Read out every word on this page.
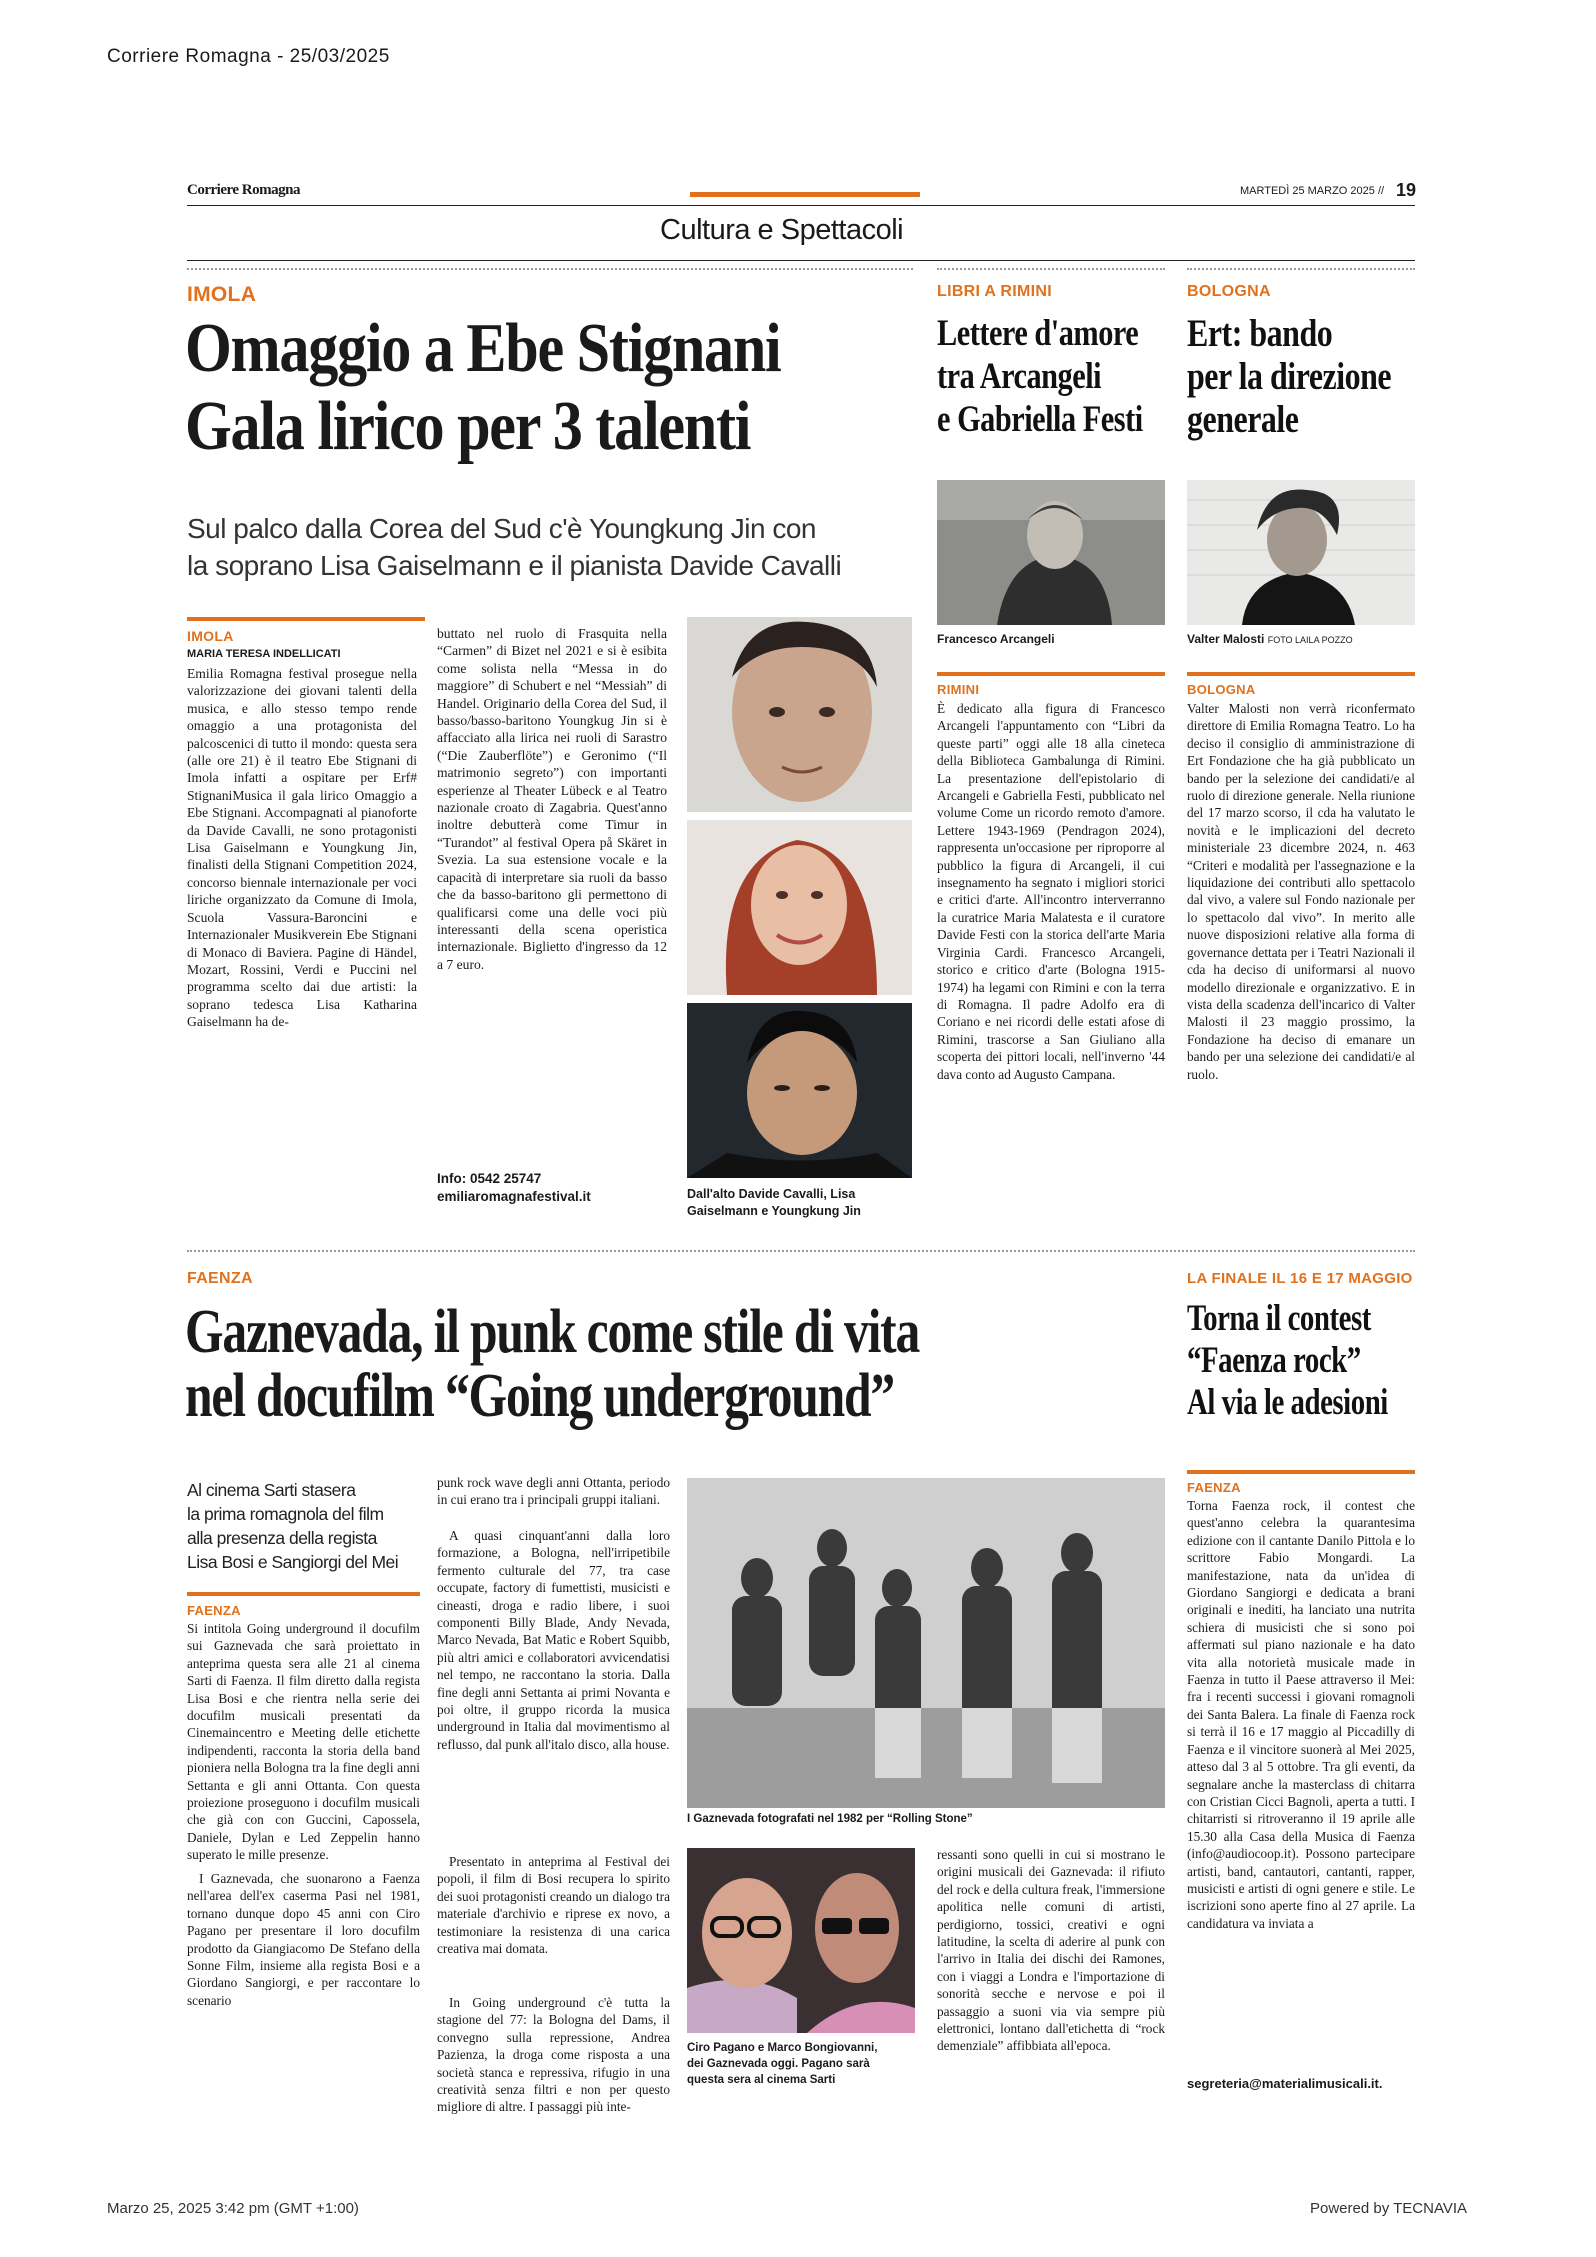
Corriere Romagna - 25/03/2025
Corriere Romagna	MARTEDÌ 25 MARZO 2025 // 19
Cultura e Spettacoli
IMOLA
Omaggio a Ebe Stignani
Gala lirico per 3 talenti
Sul palco dalla Corea del Sud c'è Youngkung Jin con
la soprano Lisa Gaiselmann e il pianista Davide Cavalli
IMOLA
MARIA TERESA INDELLICATI

Emilia Romagna festival prosegue nella valorizzazione dei giovani talenti della musica, e allo stesso tempo rende omaggio a una protagonista del palcoscenici di tutto il mondo: questa sera (alle ore 21) è il teatro Ebe Stignani di Imola infatti a ospitare per Erf# StignaniMusica il gala lirico Omaggio a Ebe Stignani. Accompagnati al pianoforte da Davide Cavalli, ne sono protagonisti Lisa Gaiselmann e Youngkung Jin, finalisti della Stignani Competition 2024, concorso biennale internazionale per voci liriche organizzato da Comune di Imola, Scuola Vassura-Baroncini e Internazionaler Musikverein Ebe Stignani di Monaco di Baviera. Pagine di Händel, Mozart, Rossini, Verdi e Puccini nel programma scelto dai due artisti: la soprano tedesca Lisa Katharina Gaiselmann ha de-

buttato nel ruolo di Frasquita nella “Carmen” di Bizet nel 2021 e si è esibita come solista nella “Messa in do maggiore” di Schubert e nel “Messiah” di Handel. Originario della Corea del Sud, il basso/basso-baritono Youngkug Jin si è affacciato alla lirica nei ruoli di Sarastro (“Die Zauberflöte”) e Geronimo (“Il matrimonio segreto”) con importanti esperienze al Theater Lübeck e al Teatro nazionale croato di Zagabria. Quest'anno inoltre debutterà come Timur in “Turandot” al festival Opera på Skäret in Svezia. La sua estensione vocale e la capacità di interpretare sia ruoli da basso che da basso-baritono gli permettono di qualificarsi come una delle voci più interessanti della scena operistica internazionale. Biglietto d'ingresso da 12 a 7 euro.

Info: 0542 25747
emiliaromagnafestival.it	Dall'alto Davide Cavalli, Lisa
Gaiselmann e Youngkung Jin
LIBRI A RIMINI
Lettere d'amore
tra Arcangeli
e Gabriella Festi
Francesco Arcangeli
RIMINI

È dedicato alla figura di Francesco Arcangeli l'appuntamento con “Libri da queste parti” oggi alle 18 alla cineteca della Biblioteca Gambalunga di Rimini. La presentazione dell'epistolario di Arcangeli e Gabriella Festi, pubblicato nel volume Come un ricordo remoto d'amore. Lettere 1943-1969 (Pendragon 2024), rappresenta un'occasione per riproporre al pubblico la figura di Arcangeli, il cui insegnamento ha segnato i migliori storici e critici d'arte. All'incontro interverranno la curatrice Maria Malatesta e il curatore Davide Festi con la storica dell'arte Maria Virginia Cardi. Francesco Arcangeli, storico e critico d'arte (Bologna 1915-1974) ha legami con Rimini e con la terra di Romagna. Il padre Adolfo era di Coriano e nei ricordi delle estati afose di Rimini, trascorse a San Giuliano alla scoperta dei pittori locali, nell'inverno '44 dava conto ad Augusto Campana.

BOLOGNA
Ert: bando
per la direzione
generale
Valter Malosti FOTO LAILA POZZO
BOLOGNA

Valter Malosti non verrà riconfermato direttore di Emilia Romagna Teatro. Lo ha deciso il consiglio di amministrazione di Ert Fondazione che ha già pubblicato un bando per la selezione dei candidati/e al ruolo di direzione generale. Nella riunione del 17 marzo scorso, il cda ha valutato le novità e le implicazioni del decreto ministeriale 23 dicembre 2024, n. 463 “Criteri e modalità per l'assegnazione e la liquidazione dei contributi allo spettacolo dal vivo, a valere sul Fondo nazionale per lo spettacolo dal vivo”. In merito alle nuove disposizioni relative alla forma di governance dettata per i Teatri Nazionali il cda ha deciso di uniformarsi al nuovo modello direzionale e organizzativo. E in vista della scadenza dell'incarico di Valter Malosti il 23 maggio prossimo, la Fondazione ha deciso di emanare un bando per una selezione dei candidati/e al ruolo.

FAENZA
Gaznevada, il punk come stile di vita
nel docufilm “Going underground”
Al cinema Sarti stasera
la prima romagnola del film
alla presenza della regista
Lisa Bosi e Sangiorgi del Mei
FAENZA

Si intitola Going underground il docufilm sui Gaznevada che sarà proiettato in anteprima questa sera alle 21 al cinema Sarti di Faenza. Il film diretto dalla regista Lisa Bosi e che rientra nella serie dei docufilm musicali presentati da Cinemaincentro e Meeting delle etichette indipendenti, racconta la storia della band pioniera nella Bologna tra la fine degli anni Settanta e gli anni Ottanta. Con questa proiezione proseguono i docufilm musicali che già con con Guccini, Capossela, Daniele, Dylan e Led Zeppelin hanno superato le mille presenze.

I Gaznevada, che suonarono a Faenza nell'area dell'ex caserma Pasi nel 1981, tornano dunque dopo 45 anni con Ciro Pagano per presentare il loro docufilm prodotto da Giangiacomo De Stefano della Sonne Film, insieme alla regista Bosi e a Giordano Sangiorgi, e per raccontare lo scenario

punk rock wave degli anni Ottanta, periodo in cui erano tra i principali gruppi italiani.

A quasi cinquant'anni dalla loro formazione, a Bologna, nell'irripetibile fermento culturale del 77, tra case occupate, factory di fumettisti, musicisti e cineasti, droga e radio libere, i suoi componenti Billy Blade, Andy Nevada, Marco Nevada, Bat Matic e Robert Squibb, più altri amici e collaboratori avvicendatisi nel tempo, ne raccontano la storia. Dalla fine degli anni Settanta ai primi Novanta e poi oltre, il gruppo ricorda la musica underground in Italia dal movimentismo al reflusso, dal punk all'italo disco, alla house.

Presentato in anteprima al Festival dei popoli, il film di Bosi recupera lo spirito dei suoi protagonisti creando un dialogo tra materiale d'archivio e riprese ex novo, a testimoniare la resistenza di una carica creativa mai domata.

In Going underground c'è tutta la stagione del 77: la Bologna del Dams, il convegno sulla repressione, Andrea Pazienza, la droga come risposta a una società stanca e repressiva, rifugio in una creatività senza filtri e non per questo migliore di altre. I passaggi più inte-

I Gaznevada fotografati nel 1982 per “Rolling Stone”
Ciro Pagano e Marco Bongiovanni,
dei Gaznevada oggi. Pagano sarà
questa sera al cinema Sarti

ressanti sono quelli in cui si mostrano le origini musicali dei Gaznevada: il rifiuto del rock e della cultura freak, l'immersione apolitica nelle comuni di artisti, perdigiorno, tossici, creativi e ogni latitudine, la scelta di aderire al punk con l'arrivo in Italia dei dischi dei Ramones, con i viaggi a Londra e l'importazione di sonorità secche e nervose e poi il passaggio a suoni via via sempre più elettronici, lontano dall'etichetta di “rock demenziale” affibbiata all'epoca.

LA FINALE IL 16 E 17 MAGGIO
Torna il contest
“Faenza rock”
Al via le adesioni
FAENZA

Torna Faenza rock, il contest che quest'anno celebra la quarantesima edizione con il cantante Danilo Pittola e lo scrittore Fabio Mongardi. La manifestazione, nata da un'idea di Giordano Sangiorgi e dedicata a brani originali e inediti, ha lanciato una nutrita schiera di musicisti che si sono poi affermati sul piano nazionale e ha dato vita alla notorietà musicale made in Faenza in tutto il Paese attraverso il Mei: fra i recenti successi i giovani romagnoli dei Santa Balera. La finale di Faenza rock si terrà il 16 e 17 maggio al Piccadilly di Faenza e il vincitore suonerà al Mei 2025, atteso dal 3 al 5 ottobre. Tra gli eventi, da segnalare anche la masterclass di chitarra con Cristian Cicci Bagnoli, aperta a tutti. I chitarristi si ritroveranno il 19 aprile alle 15.30 alla Casa della Musica di Faenza (info@audiocoop.it). Possono partecipare artisti, band, cantautori, cantanti, rapper, musicisti e artisti di ogni genere e stile. Le iscrizioni sono aperte fino al 27 aprile. La candidatura va inviata a

segreteria@materialimusicali.it.
Marzo 25, 2025 3:42 pm (GMT +1:00)	Powered by TECNAVIA
